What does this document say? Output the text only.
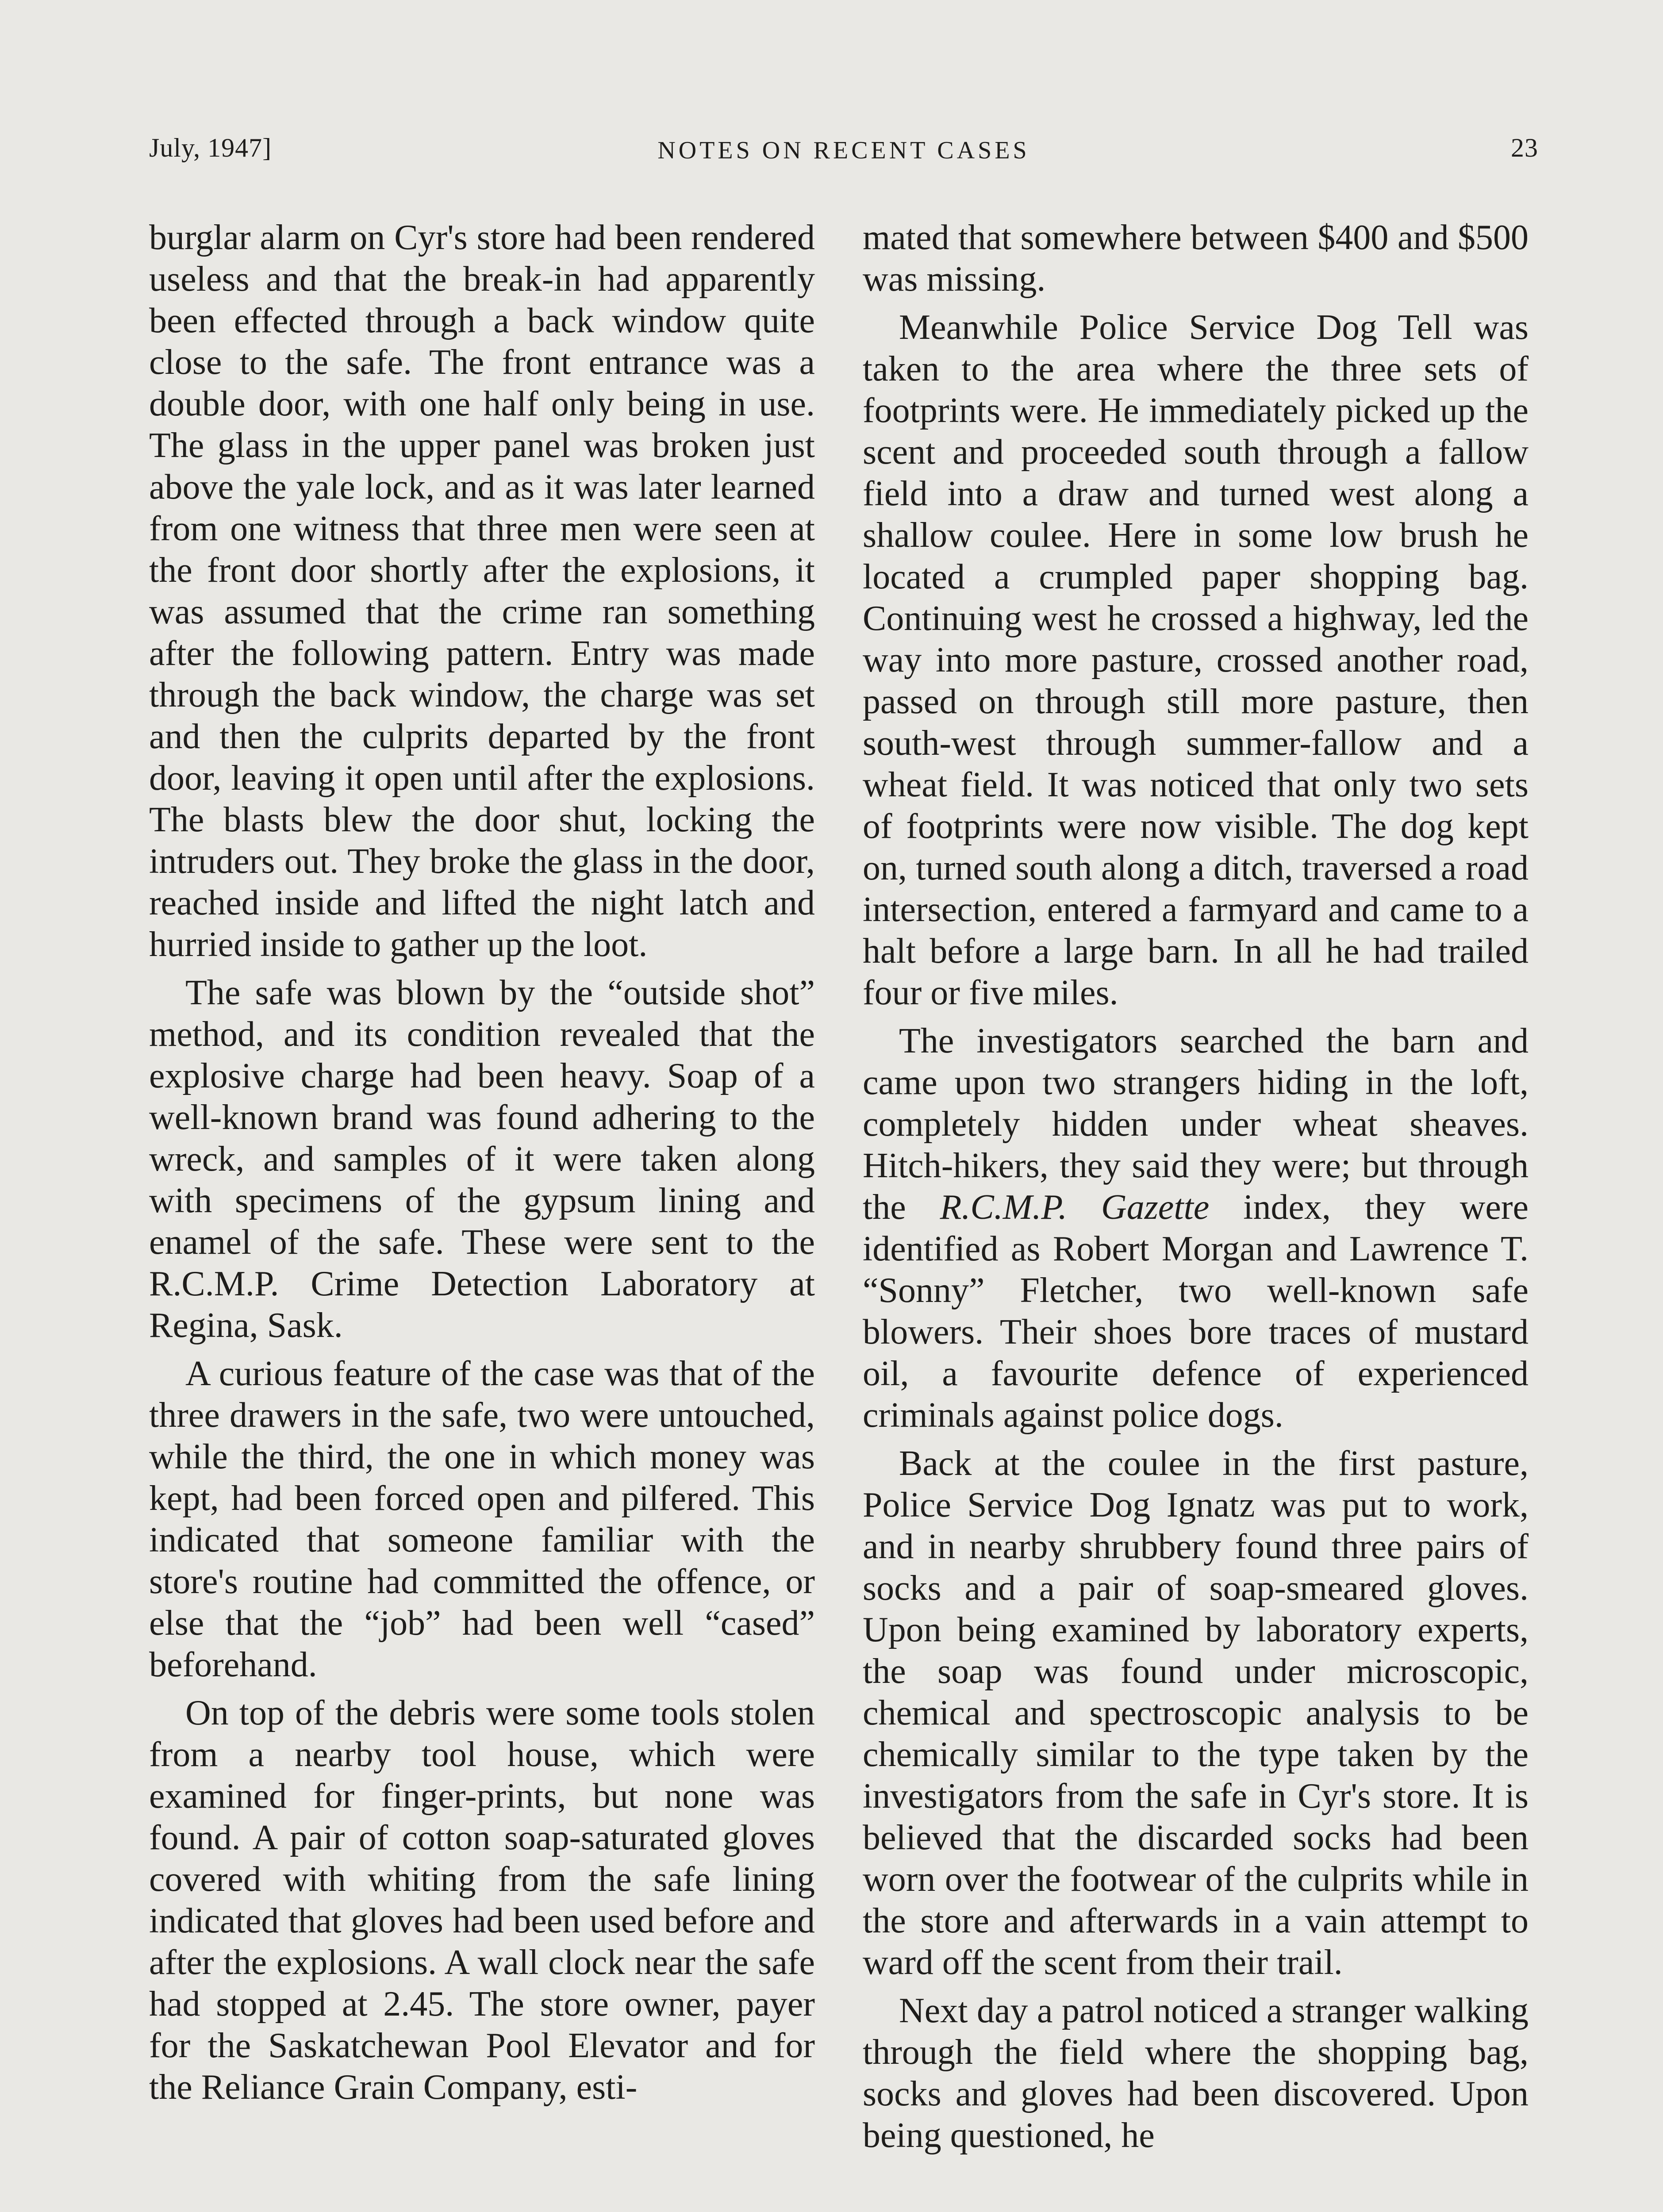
July, 1947]	NOTES ON RECENT CASES	23

burglar alarm on Cyr's store had been rendered useless and that the break-in had apparently been effected through a back window quite close to the safe. The front entrance was a double door, with one half only being in use. The glass in the upper panel was broken just above the yale lock, and as it was later learned from one witness that three men were seen at the front door shortly after the explosions, it was assumed that the crime ran something after the following pattern. Entry was made through the back window, the charge was set and then the culprits departed by the front door, leaving it open until after the explosions. The blasts blew the door shut, locking the intruders out. They broke the glass in the door, reached inside and lifted the night latch and hurried inside to gather up the loot.

The safe was blown by the “outside shot” method, and its condition revealed that the explosive charge had been heavy. Soap of a well-known brand was found adhering to the wreck, and samples of it were taken along with specimens of the gypsum lining and enamel of the safe. These were sent to the R.C.M.P. Crime Detection Laboratory at Regina, Sask.

A curious feature of the case was that of the three drawers in the safe, two were untouched, while the third, the one in which money was kept, had been forced open and pilfered. This indicated that someone familiar with the store's routine had committed the offence, or else that the “job” had been well “cased” beforehand.

On top of the debris were some tools stolen from a nearby tool house, which were examined for finger-prints, but none was found. A pair of cotton soap-saturated gloves covered with whiting from the safe lining indicated that gloves had been used before and after the explosions. A wall clock near the safe had stopped at 2.45. The store owner, payer for the Saskatchewan Pool Elevator and for the Reliance Grain Company, esti-

mated that somewhere between $400 and $500 was missing.

Meanwhile Police Service Dog Tell was taken to the area where the three sets of footprints were. He immediately picked up the scent and proceeded south through a fallow field into a draw and turned west along a shallow coulee. Here in some low brush he located a crumpled paper shopping bag. Continuing west he crossed a highway, led the way into more pasture, crossed another road, passed on through still more pasture, then south-west through summer-fallow and a wheat field. It was noticed that only two sets of footprints were now visible. The dog kept on, turned south along a ditch, traversed a road intersection, entered a farmyard and came to a halt before a large barn. In all he had trailed four or five miles.

The investigators searched the barn and came upon two strangers hiding in the loft, completely hidden under wheat sheaves. Hitch-hikers, they said they were; but through the R.C.M.P. Gazette index, they were identified as Robert Morgan and Lawrence T. “Sonny” Fletcher, two well-known safe blowers. Their shoes bore traces of mustard oil, a favourite defence of experienced criminals against police dogs.

Back at the coulee in the first pasture, Police Service Dog Ignatz was put to work, and in nearby shrubbery found three pairs of socks and a pair of soap-smeared gloves. Upon being examined by laboratory experts, the soap was found under microscopic, chemical and spectroscopic analysis to be chemically similar to the type taken by the investigators from the safe in Cyr's store. It is believed that the discarded socks had been worn over the footwear of the culprits while in the store and afterwards in a vain attempt to ward off the scent from their trail.

Next day a patrol noticed a stranger walking through the field where the shopping bag, socks and gloves had been discovered. Upon being questioned, he
